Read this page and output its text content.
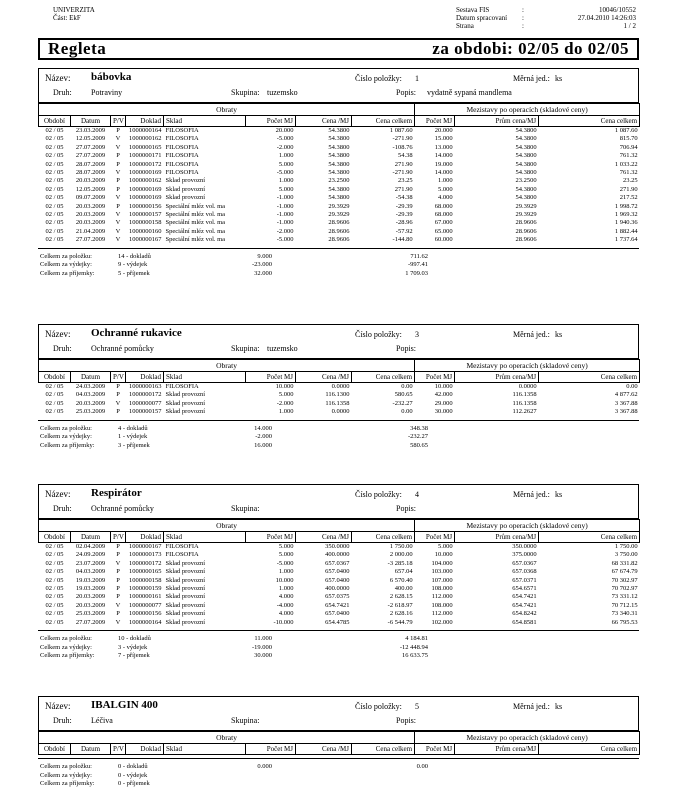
UNIVERZITA
Část: EkF
Sestava FIS	:	10046/10552
Datum spracovaní	:	27.04.2010 14:26:03
Strana	:	1 / 2
Regleta	za obdobi: 02/05 do 02/05
Název: bábovka
Druh: Potraviny	Skupina: tuzemsko
Číslo položky: 1
Popis: vydatně sypaná mandlema
Měrná jed.: ks
Obraty								Mezistavy po operacích (skladové ceny)		
Období	Datum	P/V	Doklad	Sklad	Počet MJ	Cena /MJ	Cena celkem	Počet MJ	Prům cena/MJ	Cena celkem
02 / 05	23.03.2009	P	1000000164	FILOSOFIA	20.000	54.3800	1 087.60	20.000	54.3800	1 087.60
02 / 05	12.05.2009	V	1000000162	FILOSOFIA	-5.000	54.3800	-271.90	15.000	54.3800	815.70
02 / 05	27.07.2009	V	1000000165	FILOSOFIA	-2.000	54.3800	-108.76	13.000	54.3800	706.94
02 / 05	27.07.2009	P	1000000171	FILOSOFIA	1.000	54.3800	54.38	14.000	54.3800	761.32
02 / 05	28.07.2009	P	1000000172	FILOSOFIA	5.000	54.3800	271.90	19.000	54.3800	1 033.22
02 / 05	28.07.2009	V	1000000169	FILOSOFIA	-5.000	54.3800	-271.90	14.000	54.3800	761.32
02 / 05	20.03.2009	P	1000000162	Sklad provozní	1.000	23.2500	23.25	1.000	23.2500	23.25
02 / 05	12.05.2009	P	1000000169	Sklad provozní	5.000	54.3800	271.90	5.000	54.3800	271.90
02 / 05	09.07.2009	V	1000000169	Sklad provozní	-1.000	54.3800	-54.38	4.000	54.3800	217.52
02 / 05	20.03.2009	P	1000000156	Speciální mléz vol. ma	-1.000	29.3929	-29.39	68.000	29.3929	1 998.72
02 / 05	20.03.2009	V	1000000157	Speciální mléz vol. ma	-1.000	29.3929	-29.39	68.000	29.3929	1 969.32
02 / 05	20.03.2009	V	1000000158	Speciální mléz vol. ma	-1.000	28.9606	-28.96	67.000	28.9606	1 940.36
02 / 05	21.04.2009	V	1000000160	Speciální mléz vol. ma	-2.000	28.9606	-57.92	65.000	28.9606	1 882.44
02 / 05	27.07.2009	V	1000000167	Speciální mléz vol. ma	-5.000	28.9606	-144.80	60.000	28.9606	1 737.64
Celkem za položku:	14 - dokladů	9.000	711.62
Celkem za výdejky:	9 - výdejek	-23.000	-997.41
Celkem za příjemky:	5 - příjemek	32.000	1 709.03
Název: Ochranné rukavice
Druh: Ochranné pomůcky	Skupina: tuzemsko
Číslo položky: 3
Popis:
Měrná jed.: ks
Obraty								Mezistavy po operacích (skladové ceny)		
Období	Datum	P/V	Doklad	Sklad	Počet MJ	Cena /MJ	Cena celkem	Počet MJ	Prům cena/MJ	Cena celkem
02 / 05	24.03.2009	P	1000000163	FILOSOFIA	10.000	0.0000	0.00	10.000	0.0000	0.00
02 / 05	04.03.2009	P	1000000172	Sklad provozní	5.000	116.1300	580.65	42.000	116.1358	4 877.62
02 / 05	20.03.2009	V	1000000077	Sklad provozní	-2.000	116.1358	-232.27	29.000	116.1358	3 367.88
02 / 05	25.03.2009	P	1000000157	Sklad provozní	1.000	0.0000	0.00	30.000	112.2627	3 367.88
Celkem za položku:	4 - dokladů	14.000	348.38
Celkem za výdejky:	1 - výdejek	-2.000	-232.27
Celkem za příjemky:	3 - příjemek	16.000	580.65
Název: Respirátor
Druh: Ochranné pomůcky	Skupina:
Číslo položky: 4
Popis:
Měrná jed.: ks
Obraty								Mezistavy po operacích (skladové ceny)		
Období	Datum	P/V	Doklad	Sklad	Počet MJ	Cena /MJ	Cena celkem	Počet MJ	Prům cena/MJ	Cena celkem
02 / 05	02.04.2009	P	1000000167	FILOSOFIA	5.000	350.0000	1 750.00	5.000	350.0000	1 750.00
02 / 05	24.09.2009	P	1000000173	FILOSOFIA	5.000	400.0000	2 000.00	10.000	375.0000	3 750.00
02 / 05	23.07.2009	V	1000000172	Sklad provozní	-5.000	657.0367	-3 285.18	104.000	657.0367	68 331.82
02 / 05	04.03.2009	P	1000000165	Sklad provozní	1.000	657.0400	657.04	103.000	657.0368	67 674.79
02 / 05	19.03.2009	P	1000000158	Sklad provozní	10.000	657.0400	6 570.40	107.000	657.0371	70 302.97
02 / 05	19.03.2009	P	1000000159	Sklad provozní	1.000	400.0000	400.00	108.000	654.6571	70 702.97
02 / 05	20.03.2009	P	1000000161	Sklad provozní	4.000	657.0375	2 628.15	112.000	654.7421	73 331.12
02 / 05	20.03.2009	V	1000000077	Sklad provozní	-4.000	654.7421	-2 618.97	108.000	654.7421	70 712.15
02 / 05	25.03.2009	P	1000000156	Sklad provozní	4.000	657.0400	2 628.16	112.000	654.8242	73 340.31
02 / 05	27.07.2009	V	1000000164	Sklad provozní	-10.000	654.4785	-6 544.79	102.000	654.8581	66 795.53
Celkem za položku:	10 - dokladů	11.000	4 184.81
Celkem za výdejky:	3 - výdejek	-19.000	-12 448.94
Celkem za příjemky:	7 - příjemek	30.000	16 633.75
Název: IBALGIN 400
Druh: Léčiva	Skupina:
Číslo položky: 5
Popis:
Měrná jed.: ks
Obraty								Mezistavy po operacích (skladové ceny)		
Období	Datum	P/V	Doklad	Sklad	Počet MJ	Cena /MJ	Cena celkem	Počet MJ	Prům cena/MJ	Cena celkem
Celkem za položku:	0 - dokladů	0.000	0.00
Celkem za výdejky:	0 - výdejek
Celkem za příjemky:	0 - příjemek
